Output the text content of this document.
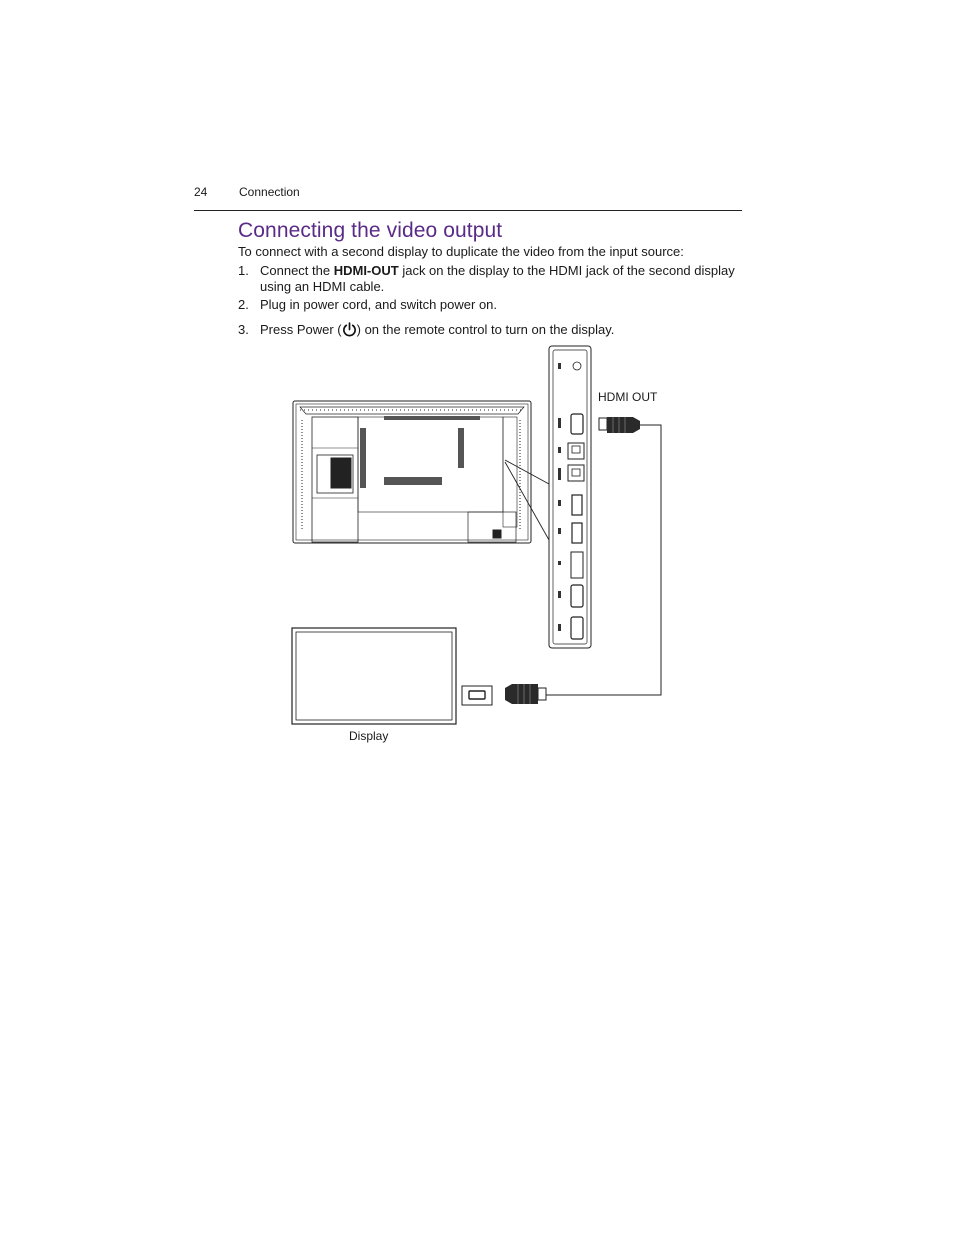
24	Connection
Connecting the video output

To connect with a second display to duplicate the video from the input source:

1. Connect the HDMI-OUT jack on the display to the HDMI jack of the second display using an HDMI cable.
2. Plug in power cord, and switch power on.
3. Press Power ( ) on the remote control to turn on the display.
HDMI OUT
Display
